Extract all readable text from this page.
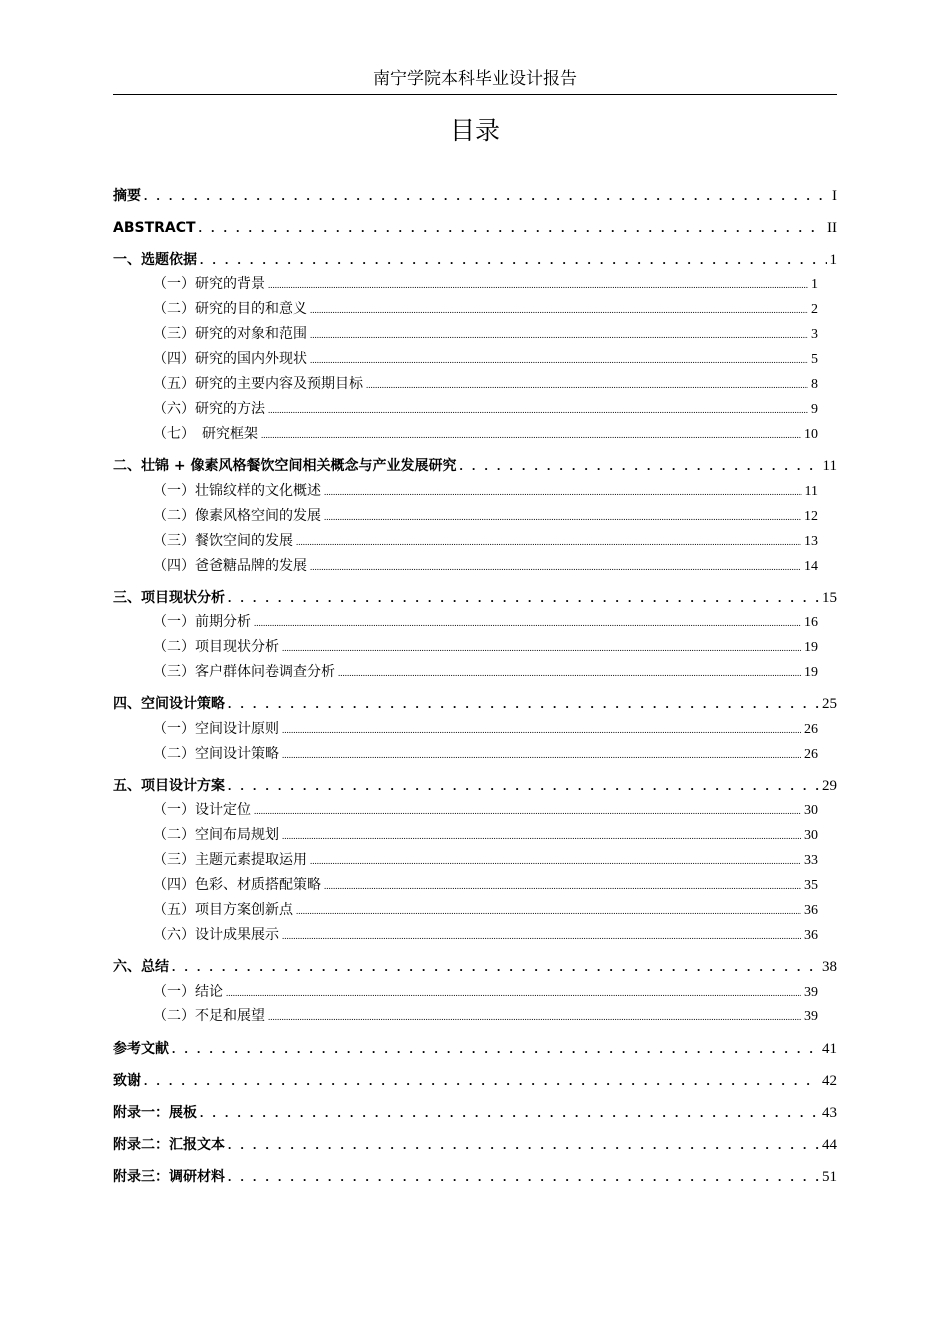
南宁学院本科毕业设计报告
目录
摘要 . . .	I
ABSTRACT . . .	II
一、选题依据 . . .	1
（一）研究的背景 .....	1
（二）研究的目的和意义 .....	2
（三）研究的对象和范围 .....	3
（四）研究的国内外现状 .....	5
（五）研究的主要内容及预期目标 .....	8
（六）研究的方法 .....	9
（七）　研究框架 .....	10
二、壮锦 + 像素风格餐饮空间相关概念与产业发展研究 . . .	11
（一）壮锦纹样的文化概述 .....	11
（二）像素风格空间的发展 .....	12
（三）餐饮空间的发展 .....	13
（四）爸爸糖品牌的发展 .....	14
三、项目现状分析 . . .	15
（一）前期分析 .....	16
（二）项目现状分析 .....	19
（三）客户群体问卷调查分析 .....	19
四、空间设计策略 . . .	25
（一）空间设计原则 .....	26
（二）空间设计策略 .....	26
五、项目设计方案 . . .	29
（一）设计定位 .....	30
（二）空间布局规划 .....	30
（三）主题元素提取运用 .....	33
（四）色彩、材质搭配策略 .....	35
（五）项目方案创新点 .....	36
（六）设计成果展示 .....	36
六、总结 . . .	38
（一）结论 .....	39
（二）不足和展望 .....	39
参考文献 . . .	41
致谢 . . .	42
附录一：展板 . . .	43
附录二：汇报文本 . . .	44
附录三：调研材料 . . .	51
